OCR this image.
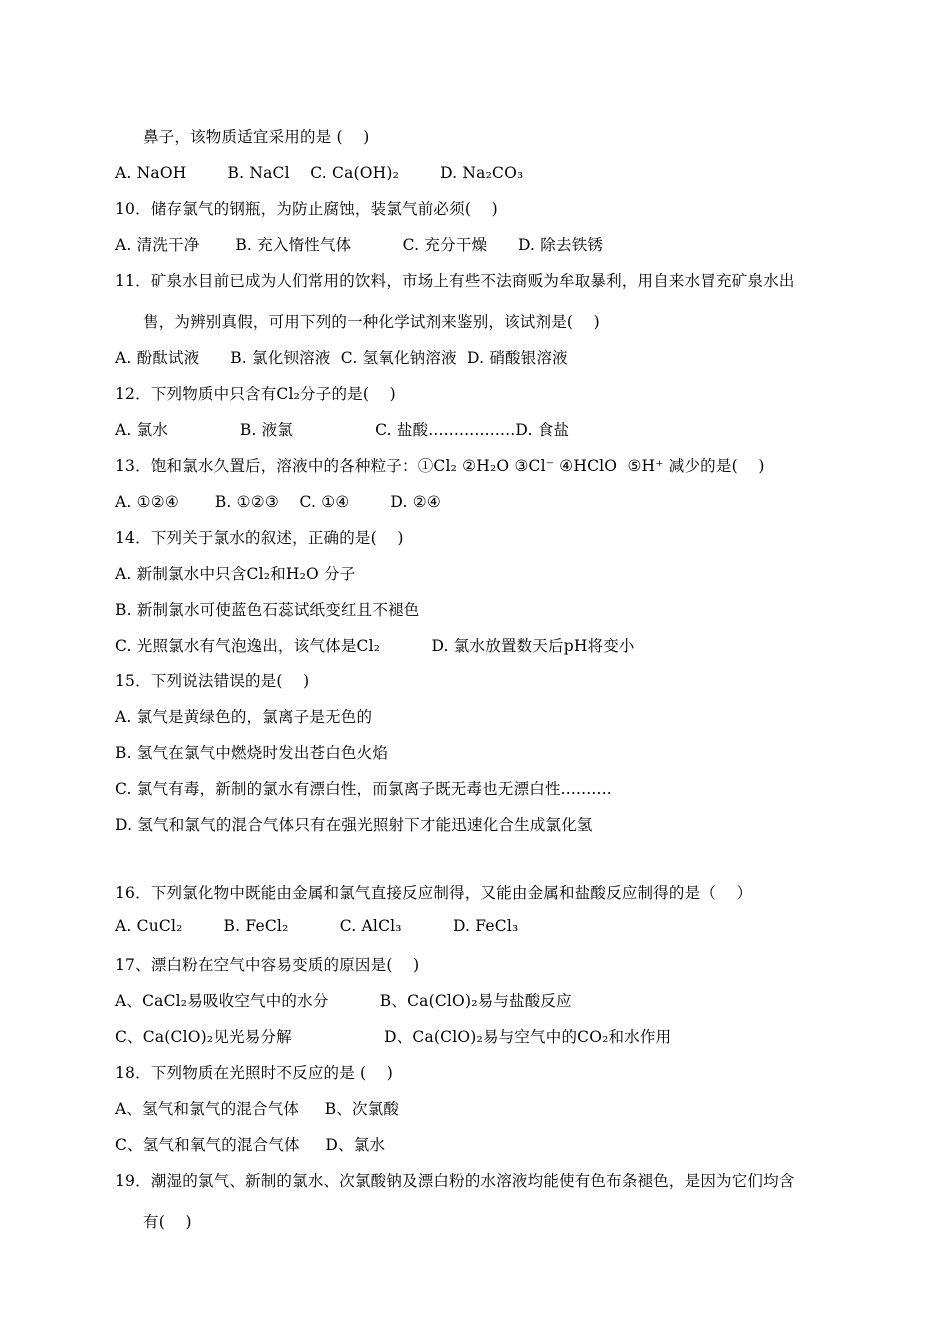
鼻子，该物质适宜采用的是 (    )
A. NaOH        B. NaCl    C. Ca(OH)₂        D. Na₂CO₃
10．储存氯气的钢瓶，为防止腐蚀，装氯气前必须(    )
A. 清洗干净       B. 充入惰性气体          C. 充分干燥      D. 除去铁锈
11．矿泉水目前已成为人们常用的饮料，市场上有些不法商贩为牟取暴利，用自来水冒充矿泉水出
售，为辨别真假，可用下列的一种化学试剂来鉴别，该试剂是(    )
A. 酚酞试液      B. 氯化钡溶液  C. 氢氧化钠溶液  D. 硝酸银溶液
12．下列物质中只含有Cl₂分子的是(    )
A. 氯水              B. 液氯                C. 盐酸.................D. 食盐
13．饱和氯水久置后，溶液中的各种粒子：①Cl₂ ②H₂O ③Cl⁻ ④HClO  ⑤H⁺ 减少的是(    )
A. ①②④       B. ①②③    C. ①④        D. ②④
14．下列关于氯水的叙述，正确的是(    )
A. 新制氯水中只含Cl₂和H₂O 分子
B. 新制氯水可使蓝色石蕊试纸变红且不褪色
C. 光照氯水有气泡逸出，该气体是Cl₂          D. 氯水放置数天后pH将变小
15．下列说法错误的是(    )
A. 氯气是黄绿色的，氯离子是无色的
B. 氢气在氯气中燃烧时发出苍白色火焰
C. 氯气有毒，新制的氯水有漂白性，而氯离子既无毒也无漂白性..........
D. 氢气和氯气的混合气体只有在强光照射下才能迅速化合生成氯化氢
16．下列氯化物中既能由金属和氯气直接反应制得，又能由金属和盐酸反应制得的是（    ）
A. CuCl₂        B. FeCl₂          C. AlCl₃          D. FeCl₃
17、漂白粉在空气中容易变质的原因是(    )
A、CaCl₂易吸收空气中的水分          B、Ca(ClO)₂易与盐酸反应
C、Ca(ClO)₂见光易分解                  D、Ca(ClO)₂易与空气中的CO₂和水作用
18．下列物质在光照时不反应的是 (    )
A、氢气和氯气的混合气体     B、次氯酸
C、氢气和氧气的混合气体     D、氯水
19．潮湿的氯气、新制的氯水、次氯酸钠及漂白粉的水溶液均能使有色布条褪色，是因为它们均含
有(    )
